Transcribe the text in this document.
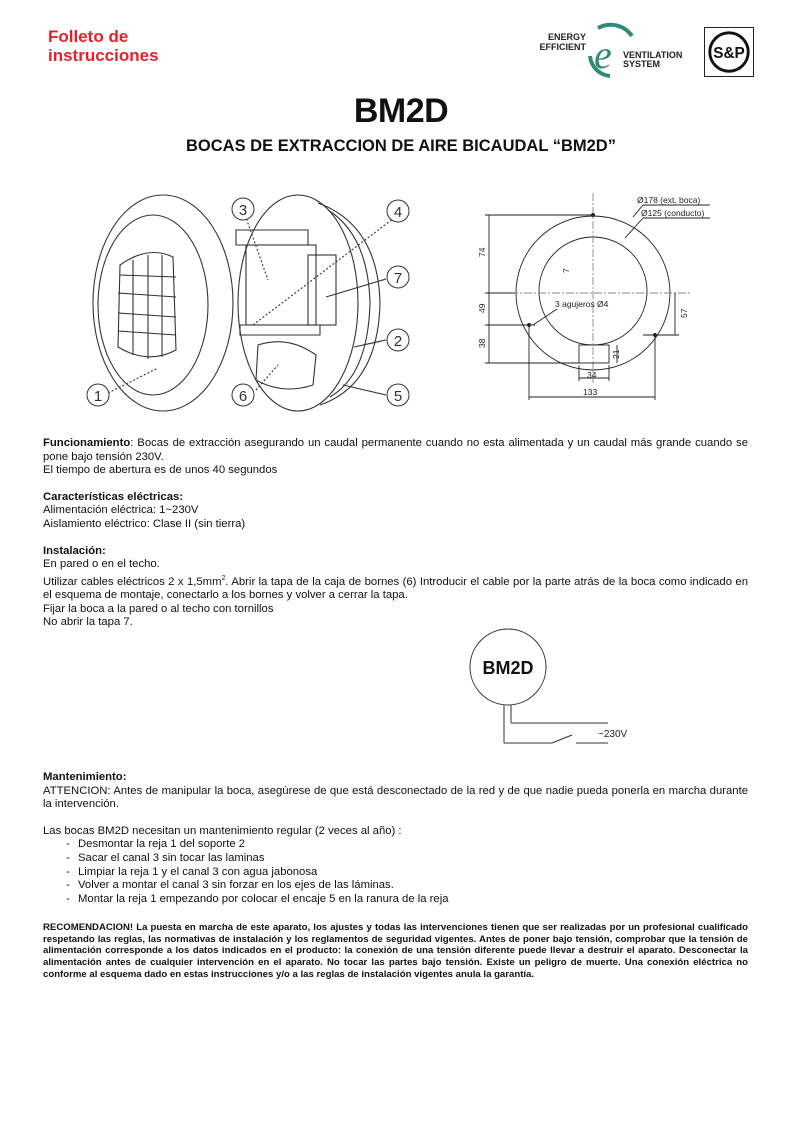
Folleto de
instrucciones
ENERGY
EFFICIENT e VENTILATION
SYSTEM
S&P
BM2D
BOCAS DE EXTRACCION DE AIRE BICAUDAL “BM2D”
1
2
3	4
5
6
7
Ø178 (ext. boca)
Ø125 (conducto)
3 agujeros Ø4
74
49
38
7
57
21
34
133

Funcionamiento: Bocas de extracción asegurando un caudal permanente cuando no esta alimentada y un caudal más grande cuando se pone bajo tensión 230V.

El tiempo de abertura es de unos 40 segundos

Características eléctricas:

Alimentación eléctrica: 1~230V

Aislamiento eléctrico: Clase II (sin tierra)

Instalación:

En pared o en el techo.

Utilizar cables eléctricos 2 x $1,5mm^2$. Abrir la tapa de la caja de bornes (6) Introducir el cable por la parte atrás de la boca como indicado en el esquema de montaje, conectarlo a los bornes y volver a cerrar la tapa.

Fijar la boca a la pared o al techo con tornillos

No abrir la tapa 7.

BM2D
~230V

Mantenimiento:

ATTENCION: Antes de manipular la boca, asegúrese de que está desconectado de la red y de que nadie pueda ponerla en marcha durante la intervención.

Las bocas BM2D necesitan un mantenimiento regular (2 veces al año) :

- Desmontar la reja 1 del soporte 2
- Sacar el canal 3 sin tocar las laminas
- Limpiar la reja 1 y el canal 3 con agua jabonosa
- Volver a montar el canal 3 sin forzar en los ejes de las láminas.
- Montar la reja 1 empezando por colocar el encaje 5 en la ranura de la reja
RECOMENDACION! La puesta en marcha de este aparato, los ajustes y todas las intervenciones tienen que ser realizadas por un profesional cualificado respetando las reglas, las normativas de instalación y los reglamentos de seguridad vigentes. Antes de poner bajo tensión, comprobar que la tensión de alimentación corresponde a los datos indicados en el producto: la conexión de una tensión diferente puede llevar a destruir el aparato. Desconectar la alimentación antes de cualquier intervención en el aparato. No tocar las partes bajo tensión. Existe un peligro de muerte. Una conexión eléctrica no conforme al esquema dado en estas instrucciones y/o a las reglas de instalación vigentes anula la garantía.
